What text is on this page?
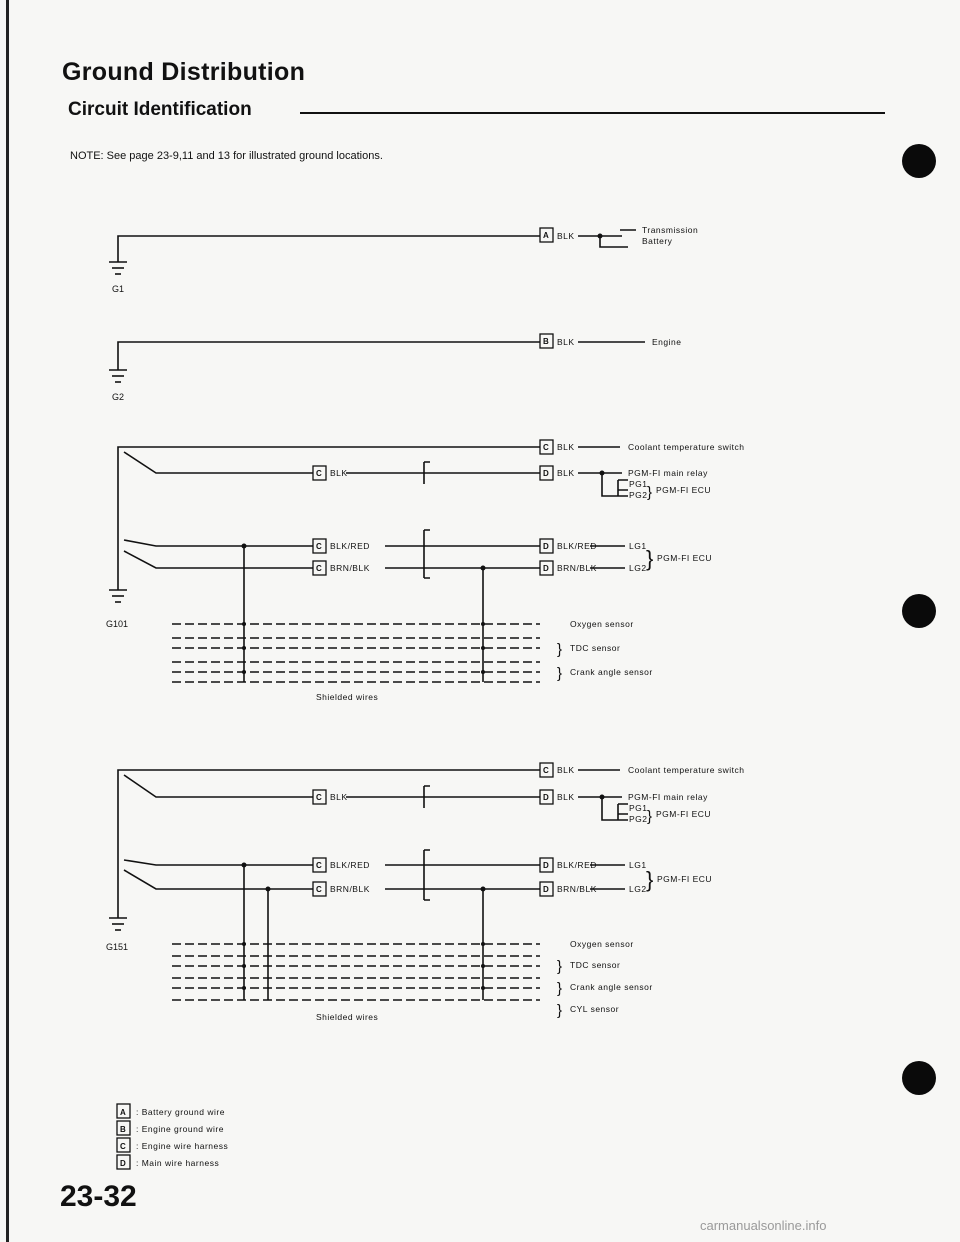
Ground Distribution
Circuit Identification
NOTE: See page 23-9,11 and 13 for illustrated ground locations.
G1
A BLK
Transmission
Battery
G2
B BLK	Engine
G101
C BLK	Coolant temperature switch
C BLK	D BLK	PGM-FI main relay
PG1
PG2 } PGM-FI ECU
C BLK/RED
C BRN/BLK
D BLK/RED
D BRN/BLK
LG1
LG2 } PGM-FI ECU
Oxygen sensor
} TDC sensor
} Crank angle sensor
Shielded wires
G151
C BLK	Coolant temperature switch
C BLK	D BLK	PGM-FI main relay
PG1
PG2 } PGM-FI ECU
C BLK/RED
C BRN/BLK
D BLK/RED
D BRN/BLK
LG1
LG2 } PGM-FI ECU
Oxygen sensor
} TDC sensor
} Crank angle sensor
} CYL sensor
Shielded wires
A : Battery ground wire
B : Engine ground wire
C : Engine wire harness
D : Main wire harness
23-32
carmanualsonline.info
